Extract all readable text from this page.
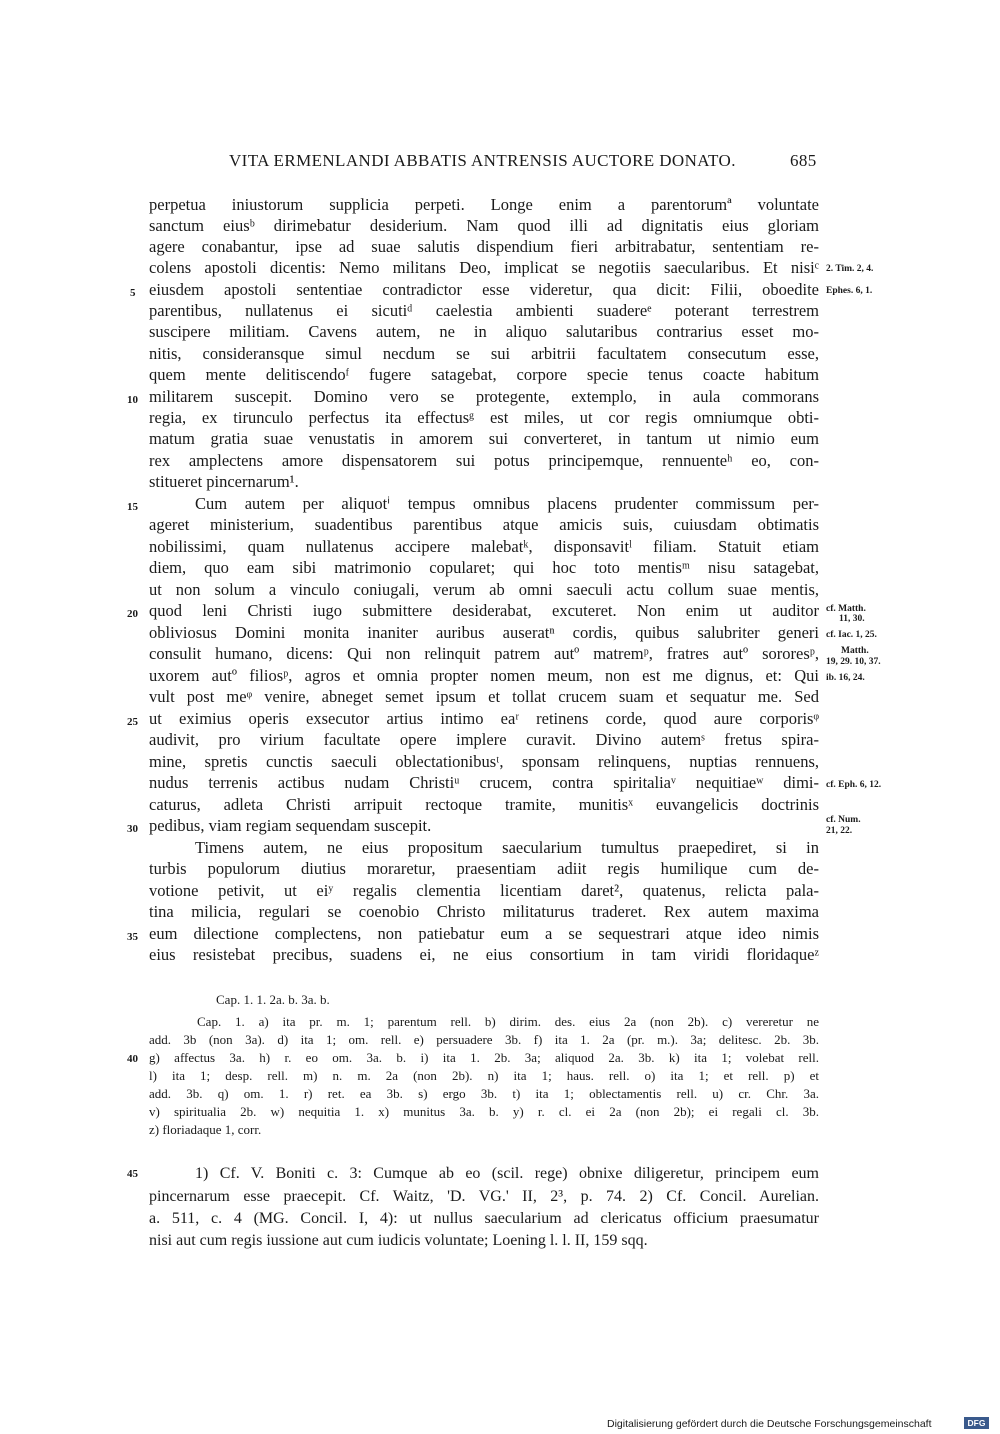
VITA ERMENLANDI ABBATIS ANTRENSIS AUCTORE DONATO.	685
perpetua iniustorum supplicia perpeti. Longe enim a parentorumª voluntate
sanctum eiusᵇ dirimebatur desiderium. Nam quod illi ad dignitatis eius gloriam
agere conabantur, ipse ad suae salutis dispendium fieri arbitrabatur, sententiam re-
colens apostoli dicentis: Nemo militans Deo, implicat se negotiis saecularibus. Et nisiᶜ
eiusdem apostoli sententiae contradictor esse videretur, qua dicit: Filii, oboedite
parentibus, nullatenus ei sicutiᵈ caelestia ambienti suadereᵉ poterant terrestrem
suscipere militiam. Cavens autem, ne in aliquo salutaribus contrarius esset mo-
nitis, consideransque simul necdum se sui arbitrii facultatem consecutum esse,
quem mente delitiscendoᶠ fugere satagebat, corpore specie tenus coacte habitum
militarem suscepit. Domino vero se protegente, extemplo, in aula commorans
regia, ex tirunculo perfectus ita effectusᵍ est miles, ut cor regis omniumque obti-
matum gratia suae venustatis in amorem sui converteret, in tantum ut nimio eum
rex amplectens amore dispensatorem sui potus principemque, rennuenteʰ eo, con-
stitueret pincernarum¹.
Cum autem per aliquotⁱ tempus omnibus placens prudenter commissum per-
ageret ministerium, suadentibus parentibus atque amicis suis, cuiusdam obtimatis
nobilissimi, quam nullatenus accipere malebatᵏ, disponsavitˡ filiam. Statuit etiam
diem, quo eam sibi matrimonio copularet; qui hoc toto mentisᵐ nisu satagebat,
ut non solum a vinculo coniugali, verum ab omni saeculi actu collum suae mentis,
quod leni Christi iugo submittere desiderabat, excuteret. Non enim ut auditor
obliviosus Domini monita inaniter auribus auseratⁿ cordis, quibus salubriter generi
consulit humano, dicens: Qui non relinquit patrem autº matremᵖ, fratres autº sororesᵖ,
uxorem autº filiosᵖ, agros et omnia propter nomen meum, non est me dignus, et: Qui
vult post meᵠ venire, abneget semet ipsum et tollat crucem suam et sequatur me. Sed
ut eximius operis exsecutor artius intimo eaʳ retinens corde, quod aure corporisᵠ
audivit, pro virium facultate opere implere curavit. Divino autemˢ fretus spira-
mine, spretis cunctis saeculi oblectationibusᵗ, sponsam relinquens, nuptias rennuens,
nudus terrenis actibus nudam Christiᵘ crucem, contra spiritaliaᵛ nequitiaeʷ dimi-
caturus, adleta Christi arripuit rectoque tramite, munitisˣ euvangelicis doctrinis
pedibus, viam regiam sequendam suscepit.
Timens autem, ne eius propositum saecularium tumultus praepediret, si in
turbis populorum diutius moraretur, praesentiam adiit regis humilique cum de-
votione petivit, ut eiʸ regalis clementia licentiam daret², quatenus, relicta pala-
tina milicia, regulari se coenobio Christo militaturus traderet. Rex autem maxima
eum dilectione complectens, non patiebatur eum a se sequestrari atque ideo nimis
eius resistebat precibus, suadens ei, ne eius consortium in tam viridi floridaqueᶻ
5
10
15
20
25
30
35
40
45
2. Tim. 2, 4.
Ephes. 6, 1.
cf. Matth.
11, 30.
cf. Iac. 1, 25.
Matth.
19, 29. 10, 37.
ib. 16, 24.
cf. Eph. 6, 12.
cf. Num.
21, 22.
Cap. 1. 1. 2a. b. 3a. b.
Cap. 1. a) ita pr. m. 1; parentum rell. b) dirim. des. eius 2a (non 2b). c) vereretur ne
add. 3b (non 3a). d) ita 1; om. rell. e) persuadere 3b. f) ita 1. 2a (pr. m.). 3a; delitesc. 2b. 3b.
g) affectus 3a. h) r. eo om. 3a. b. i) ita 1. 2b. 3a; aliquod 2a. 3b. k) ita 1; volebat rell.
l) ita 1; desp. rell. m) n. m. 2a (non 2b). n) ita 1; haus. rell. o) ita 1; et rell. p) et
add. 3b. q) om. 1. r) ret. ea 3b. s) ergo 3b. t) ita 1; oblectamentis rell. u) cr. Chr. 3a.
v) spiritualia 2b. w) nequitia 1. x) munitus 3a. b. y) r. cl. ei 2a (non 2b); ei regali cl. 3b.
z) floriadaque 1, corr.
1) Cf. V. Boniti c. 3: Cumque ab eo (scil. rege) obnixe diligeretur, principem eum
pincernarum esse praecepit. Cf. Waitz, 'D. VG.' II, 2³, p. 74. 2) Cf. Concil. Aurelian.
a. 511, c. 4 (MG. Concil. I, 4): ut nullus saecularium ad clericatus officium praesumatur
nisi aut cum regis iussione aut cum iudicis voluntate; Loening l. l. II, 159 sqq.
Digitalisierung gefördert durch die Deutsche Forschungsgemeinschaft	DFG
